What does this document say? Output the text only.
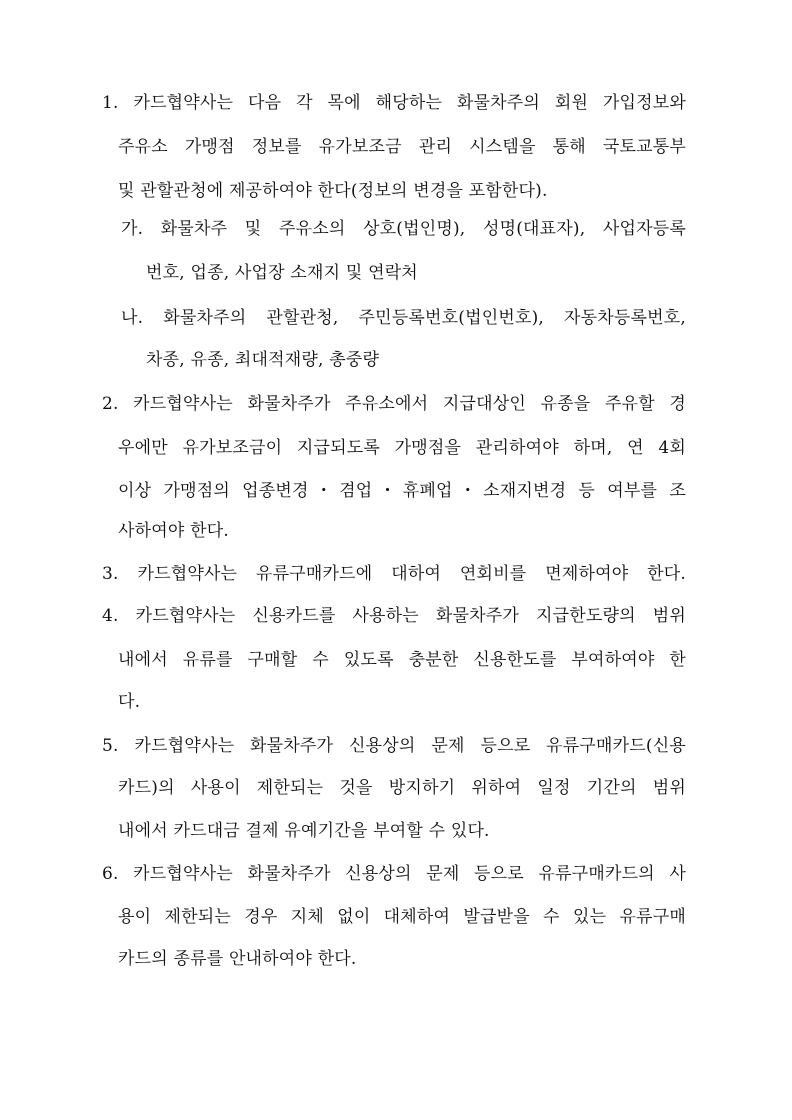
1. 카드협약사는 다음 각 목에 해당하는 화물차주의 회원 가입정보와
주유소 가맹점 정보를 유가보조금 관리 시스템을 통해 국토교통부
및 관할관청에 제공하여야 한다(정보의 변경을 포함한다).
가. 화물차주 및 주유소의 상호(법인명), 성명(대표자), 사업자등록
번호, 업종, 사업장 소재지 및 연락처
나. 화물차주의 관할관청, 주민등록번호(법인번호), 자동차등록번호,
차종, 유종, 최대적재량, 총중량
2. 카드협약사는 화물차주가 주유소에서 지급대상인 유종을 주유할 경
우에만 유가보조금이 지급되도록 가맹점을 관리하여야 하며, 연 4회
이상 가맹점의 업종변경・겸업・휴폐업・소재지변경 등 여부를 조
사하여야 한다.
3. 카드협약사는 유류구매카드에 대하여 연회비를 면제하여야 한다.
4. 카드협약사는 신용카드를 사용하는 화물차주가 지급한도량의 범위
내에서 유류를 구매할 수 있도록 충분한 신용한도를 부여하여야 한
다.
5. 카드협약사는 화물차주가 신용상의 문제 등으로 유류구매카드(신용
카드)의 사용이 제한되는 것을 방지하기 위하여 일정 기간의 범위
내에서 카드대금 결제 유예기간을 부여할 수 있다.
6. 카드협약사는 화물차주가 신용상의 문제 등으로 유류구매카드의 사
용이 제한되는 경우 지체 없이 대체하여 발급받을 수 있는 유류구매
카드의 종류를 안내하여야 한다.
